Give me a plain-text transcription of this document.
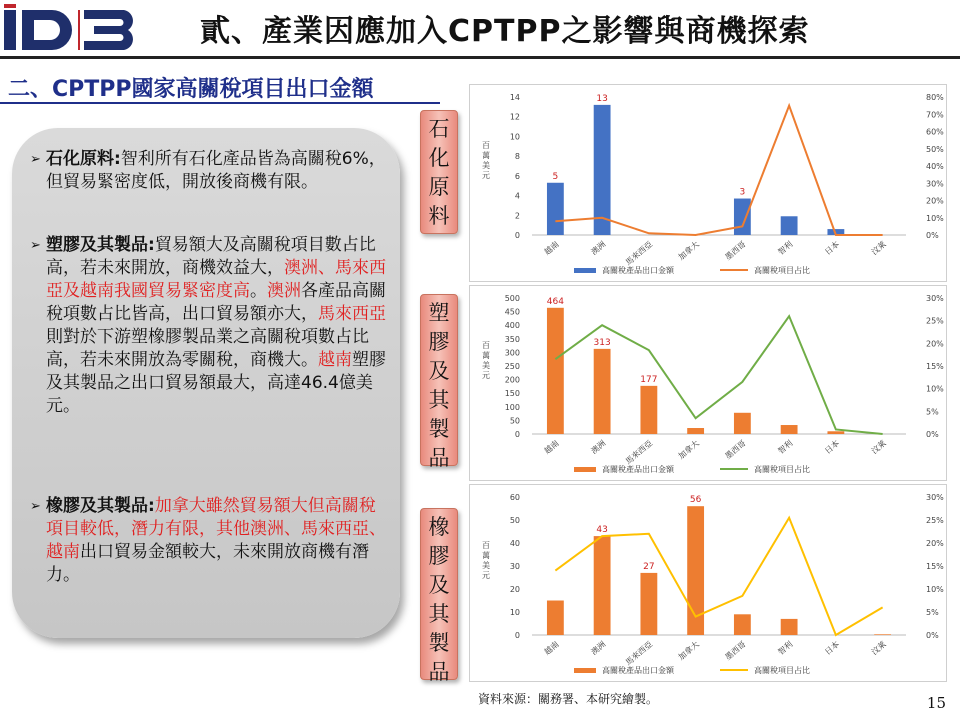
貳、產業因應加入CPTPP之影響與商機探索
二、CPTPP國家高關稅項目出口金額
➢ 石化原料:智利所有石化產品皆為高關稅6%，但貿易緊密度低，開放後商機有限。
➢ 塑膠及其製品:貿易額大及高關稅項目數占比高，若未來開放，商機效益大，澳洲、馬來西亞及越南我國貿易緊密度高。澳洲各產品高關稅項數占比皆高，出口貿易額亦大，馬來西亞則對於下游塑橡膠製品業之高關稅項數占比高，若未來開放為零關稅，商機大。越南塑膠及其製品之出口貿易額最大，高達46.4億美元。
➢ 橡膠及其製品:加拿大雖然貿易額大但高關稅項目較低，潛力有限，其他澳洲、馬來西亞、越南出口貿易金額較大，未來開放商機有潛力。
石
化
原
料
塑
膠
及
其
製
品
橡
膠
及
其
製
品
0
2
4
6
8
10
12
14
0%
10%
20%
30%
40%
50%
60%
70%
80%
百
萬
美
元	5
13
3
越南	澳洲 馬來西亞	加拿大	墨西哥	智利	日本	汶萊
高關稅產品出口金額	高關稅項目占比
0
50
100
150
200
250
300
350
400
450
500
0%
5%
10%
15%
20%
25%
30%
百
萬
美
元
464
313
177
越南	澳洲 馬來西亞	加拿大	墨西哥	智利	日本	汶萊
高關稅產品出口金額	高關稅項目占比
0
10
20
30
40
50
60
0%
5%
10%
15%
20%
25%
30%
百
萬
美
元
43
27
56
越南	澳洲 馬來西亞	加拿大	墨西哥	智利	日本	汶萊
高關稅產品出口金額	高關稅項目占比
資料來源：關務署、本研究繪製。	15
